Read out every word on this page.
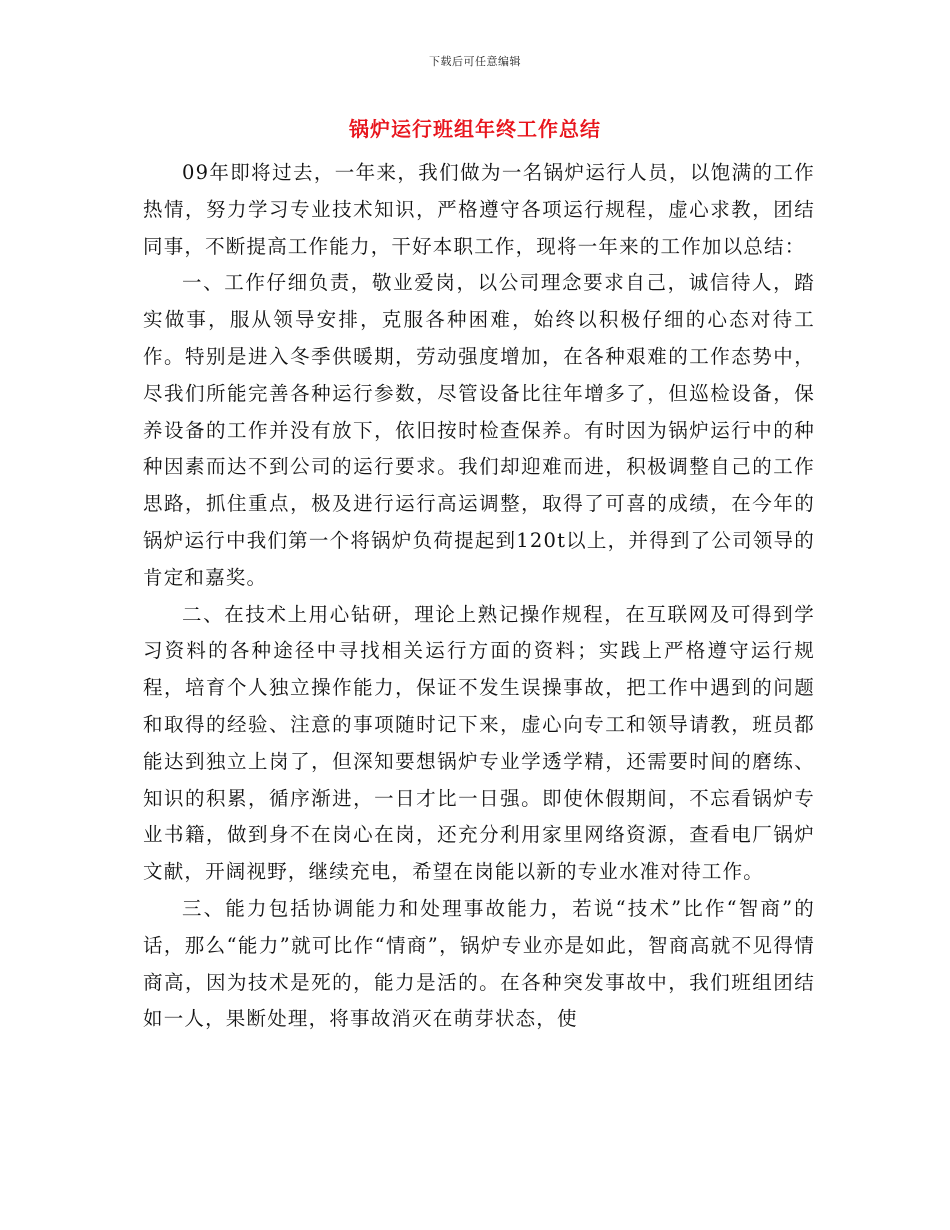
下载后可任意编辑
锅炉运行班组年终工作总结

09年即将过去，一年来，我们做为一名锅炉运行人员，以饱满的工作热情，努力学习专业技术知识，严格遵守各项运行规程，虚心求教，团结同事，不断提高工作能力，干好本职工作，现将一年来的工作加以总结：

一、工作仔细负责，敬业爱岗，以公司理念要求自己，诚信待人，踏实做事，服从领导安排，克服各种困难，始终以积极仔细的心态对待工作。特别是进入冬季供暖期，劳动强度增加，在各种艰难的工作态势中，尽我们所能完善各种运行参数，尽管设备比往年增多了，但巡检设备，保养设备的工作并没有放下，依旧按时检查保养。有时因为锅炉运行中的种种因素而达不到公司的运行要求。我们却迎难而进，积极调整自己的工作思路，抓住重点，极及进行运行高运调整，取得了可喜的成绩，在今年的锅炉运行中我们第一个将锅炉负荷提起到120t以上，并得到了公司领导的肯定和嘉奖。

二、在技术上用心钻研，理论上熟记操作规程，在互联网及可得到学习资料的各种途径中寻找相关运行方面的资料；实践上严格遵守运行规程，培育个人独立操作能力，保证不发生误操事故，把工作中遇到的问题和取得的经验、注意的事项随时记下来，虚心向专工和领导请教，班员都能达到独立上岗了，但深知要想锅炉专业学透学精，还需要时间的磨练、知识的积累，循序渐进，一日才比一日强。即使休假期间，不忘看锅炉专业书籍，做到身不在岗心在岗，还充分利用家里网络资源，查看电厂锅炉文献，开阔视野，继续充电，希望在岗能以新的专业水准对待工作。

三、能力包括协调能力和处理事故能力，若说“技术”比作“智商”的话，那么“能力”就可比作“情商”，锅炉专业亦是如此，智商高就不见得情商高，因为技术是死的，能力是活的。在各种突发事故中，我们班组团结如一人，果断处理，将事故消灭在萌芽状态，使
